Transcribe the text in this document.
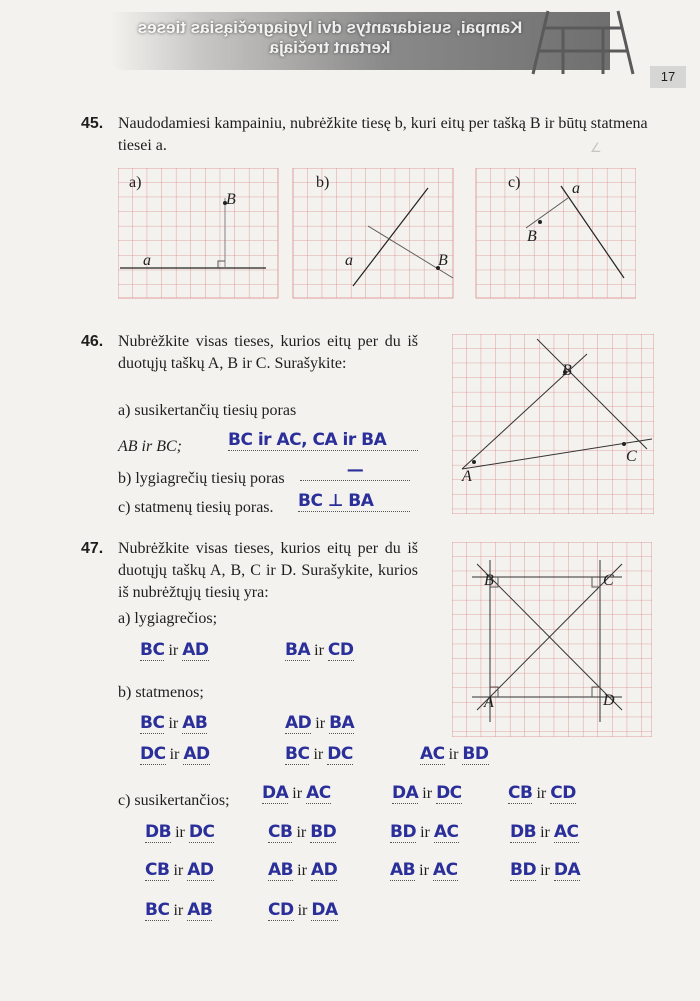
Kampai, susidarantys dvi lygiagrečiąsias tieses kertant trečiaja
17
∠
45. Naudodamiesi kampainiu, nubrėžkite tiesę b, kuri eitų per tašką B ir būtų statmena tiesei a.
a)
B
a
b)
B
a
c)
B
a
46. Nubrėžkite visas tieses, kurios eitų per du iš duotųjų taškų A, B ir C. Surašykite:
a) susikertančių tiesių poras
AB ir BC;	BC ir AC, CA ir BA
b) lygiagrečių tiesių poras	—
c) statmenų tiesių poras. BC ⊥ BA
A
B
C
47. Nubrėžkite visas tieses, kurios eitų per du iš duotųjų taškų A, B, C ir D. Surašykite, kurios iš nubrėžtųjų tiesių yra:
B	C
A	D
a) lygiagrečios;
b) statmenos;
c) susikertančios;
BC ir AD	BA ir CD
BC ir AB	AD ir BA
DC ir AD	BC ir DC	AC ir BD
DA ir AC	DA ir DC	CB ir CD
DB ir DC	CB ir BD	BD ir AC	DB ir AC
CB ir AD	AB ir AD	AB ir AC	BD ir DA
BC ir AB	CD ir DA
